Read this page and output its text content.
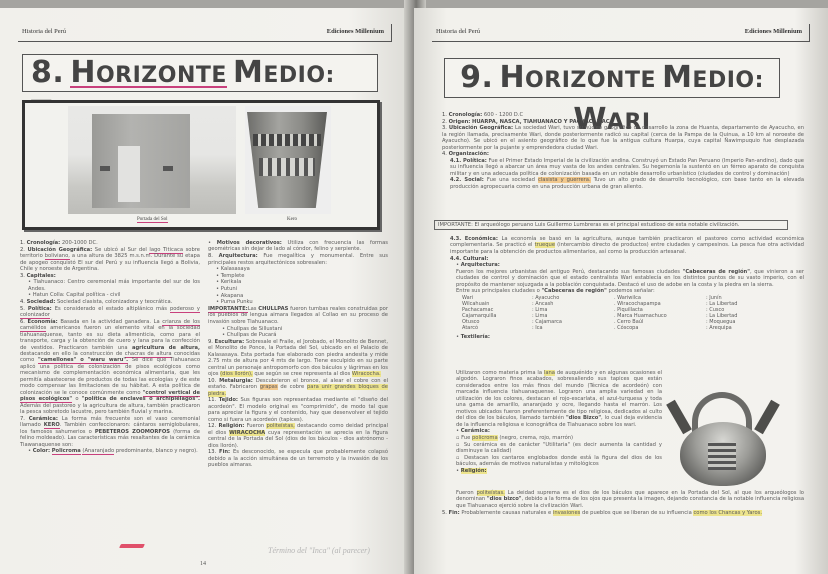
Historia del Perú	Ediciones Millenium
8. HORIZONTE MEDIO:
Portada del Sol	Kero
1. Cronología: 200-1000 DC.
2. Ubicación Geográfica: Se ubicó al Sur del lago Titicaca sobre territorio boliviano, a una altura de 3825 m.s.n.m. Durante su etapa de apogeo conquistó El sur del Perú y su influencia llegó a Bolivia, Chile y noroeste de Argentina.
3. Capitales:
• Tiahuanaco: Centro ceremonial más importante del sur de los Andes.
• Hatun Colla: Capital política - civil
4. Sociedad: Sociedad clasista, colonizadora y teocrática.
5. Política: Es considerado el estado altiplánico más poderoso y colonizador
6. Economía: Basada en la actividad ganadera. La crianza de los camélidos americanos fueron un elemento vital en la sociedad tiahuanaquense, tanto es su dieta alimenticia, como para el transporte, carga y la obtención de cuero y lana para la confección de vestidos. Practicaron también una agricultura de altura, destacando en ello la construcción de chacras de altura conocidas como "camellones" o "waru waru". Se dice que Tiahuanaco aplicó una política de colonización de pisos ecológicos como mecanismo de complementación económica alimentaria, que les permitía abastecerse de productos de todas las ecologías y de este modo compensar las limitaciones de su hábitat. A esta política de colonización se le conoce comúnmente como "control vertical de pisos ecológicos" o "política de enclaves o archipiélagos". Además del pastoreo y la agricultura de altura, también practicaron la pesca sobretodo lacustre, pero también fluvial y marina.
7. Cerámica: La forma más frecuente son el vaso ceremonial llamado KERO. También confeccionaron: cántaros semiglobulares, los famosos sahumerios o PEBETEROS ZOOMORFOS (forma de felino moldeado). Las características más resaltantes de la cerámica Tiawanaquense son:
• Color: Policroma (Anaranjado predominante, blanco y negro).
• Motivos decorativos: Utiliza con frecuencia las formas geométricas sin dejar de lado al cóndor, felino y serpiente.
8. Arquitectura: Fue megalítica y monumental. Entre sus principales restos arquitectónicos sobresalen:
• Kalasasaya
• Templete
• Kerikala
• Putuni
• Akapana
• Puma Punku
IMPORTANTE:Las CHULLPAS fueron tumbas reales construidas por los pueblos de lengua aimara llegados al Collao en su proceso de invasión sobre Tiahuanaco.
• Chullpas de Sillustani
• Chullpas de Pucará
9. Escultura: Sobresale el Fraile, el Jorobado, el Monolito de Bennet, el Monolito de Ponce, la Portada del Sol, ubicado en el Palacio de Kalasasaya. Esta portada fue elaborado con piedra andesita y mide 2.75 mts de altura por 4 mts de largo. Tiene esculpido en su parte central un personaje antropomorfo con dos báculos y lágrimas en los ojos (dios llorón), que según se cree representa al dios Wiracocha.
10. Metalurgia: Descubrieron el bronce, al alear el cobre con el estaño. Fabricaron grapas de cobre para unir grandes bloques de piedra.
11. Tejido: Sus figuras son representadas mediante el "diseño del acordeón". El modelo original es "comprimido", de modo tal que para apreciar la figura y el contenido, hay que desenvolver el tejido como si fuera un acordeón (tapices).
12. Religión: Fueron politeístas, destacando como deidad principal el dios WIRACOCHA cuya representación se aprecia en la figura central de la Portada del Sol (dios de los báculos - dios astrónomo - dios llorón).
13. Fin: Es desconocido, se especula que probablemente colapsó debido a la acción simultánea de un terremoto y la invasión de los pueblos aimaras.
Término del "Inca" (al parecer)
14
Historia del Perú	Ediciones Millenium
9. HORIZONTE MEDIO: WARI
1. Cronología: 600 - 1200 D.C
2. Origen: HUARPA, NASCA, TIAHUANACO Y PACHACAMAC.
3. Ubicación Geográfica: La sociedad Wari, tuvo su núcleo geográfico de desarrollo la zona de Huanta, departamento de Ayacucho, en la región llamada, precisamente Wari, donde posteriormente radicó su capital (cerca de la Pampa de la Quinua, a 10 km al noroeste de Ayacucho). Se ubicó en el asiento geográfico de lo que fue la antigua cultura Huarpa, cuya capital Ñawimpuquio fue desplazada posteriormente por la pujante y emprendedora ciudad Wari.
4. Organización:
4.1. Política: Fue el Primer Estado Imperial de la civilización andina. Construyó un Estado Pan Peruano (Imperio Pan-andino), dado que su influencia llegó a abarcar un área muy vasta de los andes centrales. Su hegemonía la sustentó en un férreo aparato de conquista militar y en una adecuada política de colonización basada en un notable desarrollo urbanístico (ciudades de control y dominación)
4.2. Social: Fue una sociedad clasista y guerrera. Tuvo un alto grado de desarrollo tecnológico, con base tanto en la elevada producción agropecuaria como en una producción urbana de gran aliento.
IMPORTANTE: El arqueólogo peruano Luis Guillermo Lumbreras es el principal estudioso de esta notable civilización.
4.3. Económica: La economía se basó en la agricultura, aunque también practicaron el pastoreo como actividad económica complementaria. Se practicó el trueque (intercambio directo de productos) entre ciudades y campesinos. La pesca fue otra actividad importante para la obtención de productos alimentarios, así como la producción artesanal.
4.4. Cultural:
• Arquitectura:
Fueron los mejores urbanistas del antiguo Perú, destacando sus famosas ciudades "Cabeceras de región", que vinieron a ser ciudades de control y dominación que el estado centralista Wari establecía en los distintos puntos de su vasto imperio, con el propósito de mantener sojuzgada a la población conquistada. Destacó el uso de adobe en la costa y la piedra en la sierra.
Entre sus principales ciudades o "Cabeceras de región" podemos señalar:
Wari	: Ayacucho	. Wariwilca	: Junín
Wilcahuain	: Ancash	. Wiracochapampa	: La Libertad
Pachacamac	: Lima	. Piquillacta	: Cusco
Cajamarquilla	: Lima	. Marca Huamachuco	: La Libertad
Otusco	: Cajamarca	. Cerro Baúl	: Moquegua
Atarcó	: Ica	. Cóscopa	: Arequipa
• Textilería:
Utilizaron como materia prima la lana de auquénido y en algunas ocasiones el algodón. Lograron finos acabados, sobresaliendo sus tapices que están considerados entre los más finos del mundo (Técnica de acordeón) con marcada influencia tiahuanaquense. Lograron una amplia variedad en la utilización de los colores, destacan el rojo-escarlata, el azul-turquesa y toda una gama de amarillo, anaranjado y ocre, llegando hasta el marrón. Los motivos ubicados fueron preferentemente de tipo religiosa, dedicados al culto del dios de los báculos, llamado también "dios Bizco", lo cual deja evidencia de la influencia religiosa e iconográfica de Tiahuanaco sobre los wari.
• Cerámica:
▫ Fue policroma (negro, crema, rojo, marrón)
▫ Su cerámica es de carácter "Utilitaria" (es decir aumenta la cantidad y disminuye la calidad)
▫ Destacan los cantaros englobados donde está la figura del dios de los báculos, además de motivos naturalistas y mitológicos
• Religión:
Fueron politeístas. La deidad suprema es el dios de los báculos que aparece en la Portada del Sol, al que los arqueólogos lo denominan "dios bizco", debido a la forma de los ojos que presenta la imagen, dejando constancia de la notable influencia religiosa que Tiahuanaco ejerció sobre la civilización Wari.
5. Fin: Probablemente causas naturales e invasiones de pueblos que se liberan de su influencia como los Chancas y Yaros.
